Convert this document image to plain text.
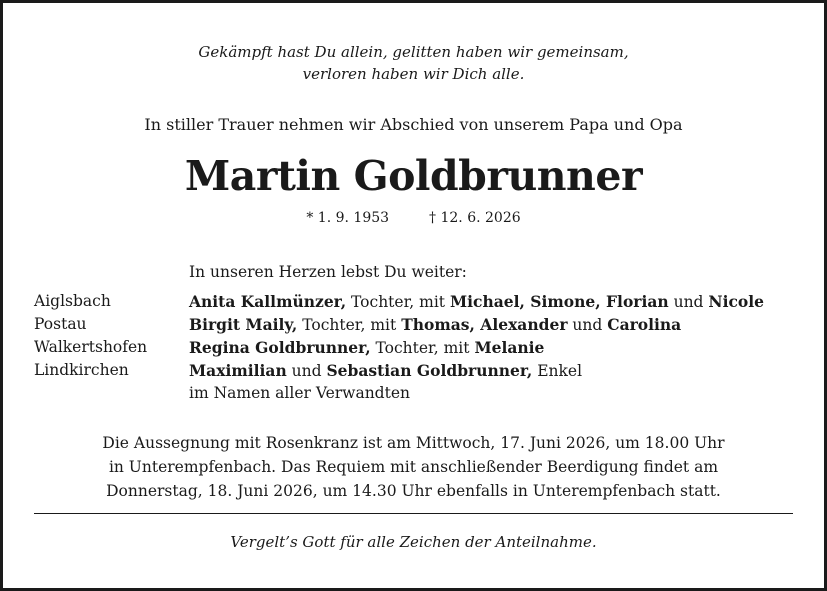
Gekämpft hast Du allein, gelitten haben wir gemeinsam,
verloren haben wir Dich alle.
In stiller Trauer nehmen wir Abschied von unserem Papa und Opa
Martin Goldbrunner
* 1. 9. 1953	† 12. 6. 2026
In unseren Herzen lebst Du weiter:
Aiglsbach	Anita Kallmünzer, Tochter, mit Michael, Simone, Florian und Nicole
Postau	Birgit Maily, Tochter, mit Thomas, Alexander und Carolina
Walkertshofen	Regina Goldbrunner, Tochter, mit Melanie
Lindkirchen	Maximilian und Sebastian Goldbrunner, Enkel
im Namen aller Verwandten
Die Aussegnung mit Rosenkranz ist am Mittwoch, 17. Juni 2026, um 18.00 Uhr
in Unterempfenbach. Das Requiem mit anschließender Beerdigung findet am
Donnerstag, 18. Juni 2026, um 14.30 Uhr ebenfalls in Unterempfenbach statt.
Vergelt’s Gott für alle Zeichen der Anteilnahme.
